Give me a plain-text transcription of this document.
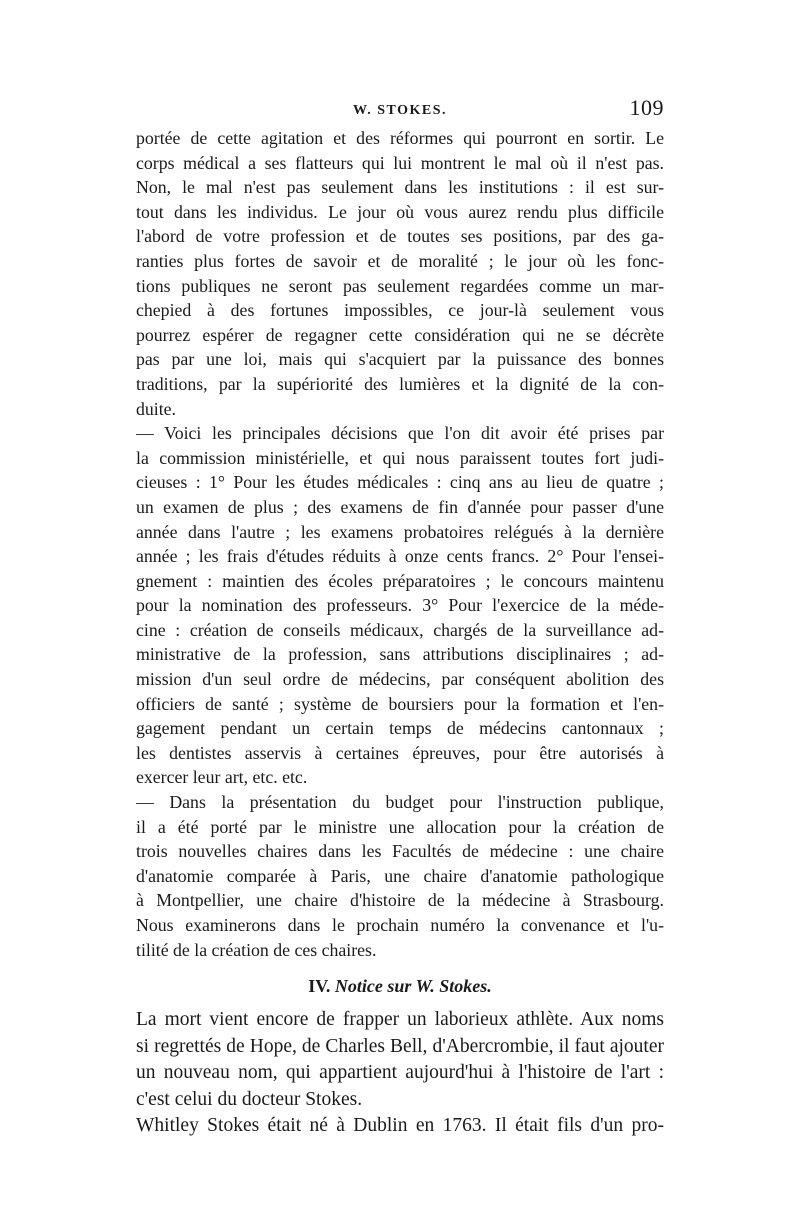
W. STOKES.	109
portée de cette agitation et des réformes qui pourront en sortir. Le
corps médical a ses flatteurs qui lui montrent le mal où il n'est pas.
Non, le mal n'est pas seulement dans les institutions : il est sur-
tout dans les individus. Le jour où vous aurez rendu plus difficile
l'abord de votre profession et de toutes ses positions, par des ga-
ranties plus fortes de savoir et de moralité ; le jour où les fonc-
tions publiques ne seront pas seulement regardées comme un mar-
chepied à des fortunes impossibles, ce jour-là seulement vous
pourrez espérer de regagner cette considération qui ne se décrète
pas par une loi, mais qui s'acquiert par la puissance des bonnes
traditions, par la supériorité des lumières et la dignité de la con-
duite.
— Voici les principales décisions que l'on dit avoir été prises par
la commission ministérielle, et qui nous paraissent toutes fort judi-
cieuses : 1° Pour les études médicales : cinq ans au lieu de quatre ;
un examen de plus ; des examens de fin d'année pour passer d'une
année dans l'autre ; les examens probatoires relégués à la dernière
année ; les frais d'études réduits à onze cents francs. 2° Pour l'ensei-
gnement : maintien des écoles préparatoires ; le concours maintenu
pour la nomination des professeurs. 3° Pour l'exercice de la méde-
cine : création de conseils médicaux, chargés de la surveillance ad-
ministrative de la profession, sans attributions disciplinaires ; ad-
mission d'un seul ordre de médecins, par conséquent abolition des
officiers de santé ; système de boursiers pour la formation et l'en-
gagement pendant un certain temps de médecins cantonnaux ;
les dentistes asservis à certaines épreuves, pour être autorisés à
exercer leur art, etc. etc.
— Dans la présentation du budget pour l'instruction publique,
il a été porté par le ministre une allocation pour la création de
trois nouvelles chaires dans les Facultés de médecine : une chaire
d'anatomie comparée à Paris, une chaire d'anatomie pathologique
à Montpellier, une chaire d'histoire de la médecine à Strasbourg.
Nous examinerons dans le prochain numéro la convenance et l'u-
tilité de la création de ces chaires.
IV. Notice sur W. Stokes.
La mort vient encore de frapper un laborieux athlète. Aux noms
si regrettés de Hope, de Charles Bell, d'Abercrombie, il faut ajouter
un nouveau nom, qui appartient aujourd'hui à l'histoire de l'art :
c'est celui du docteur Stokes.
Whitley Stokes était né à Dublin en 1763. Il était fils d'un pro-
